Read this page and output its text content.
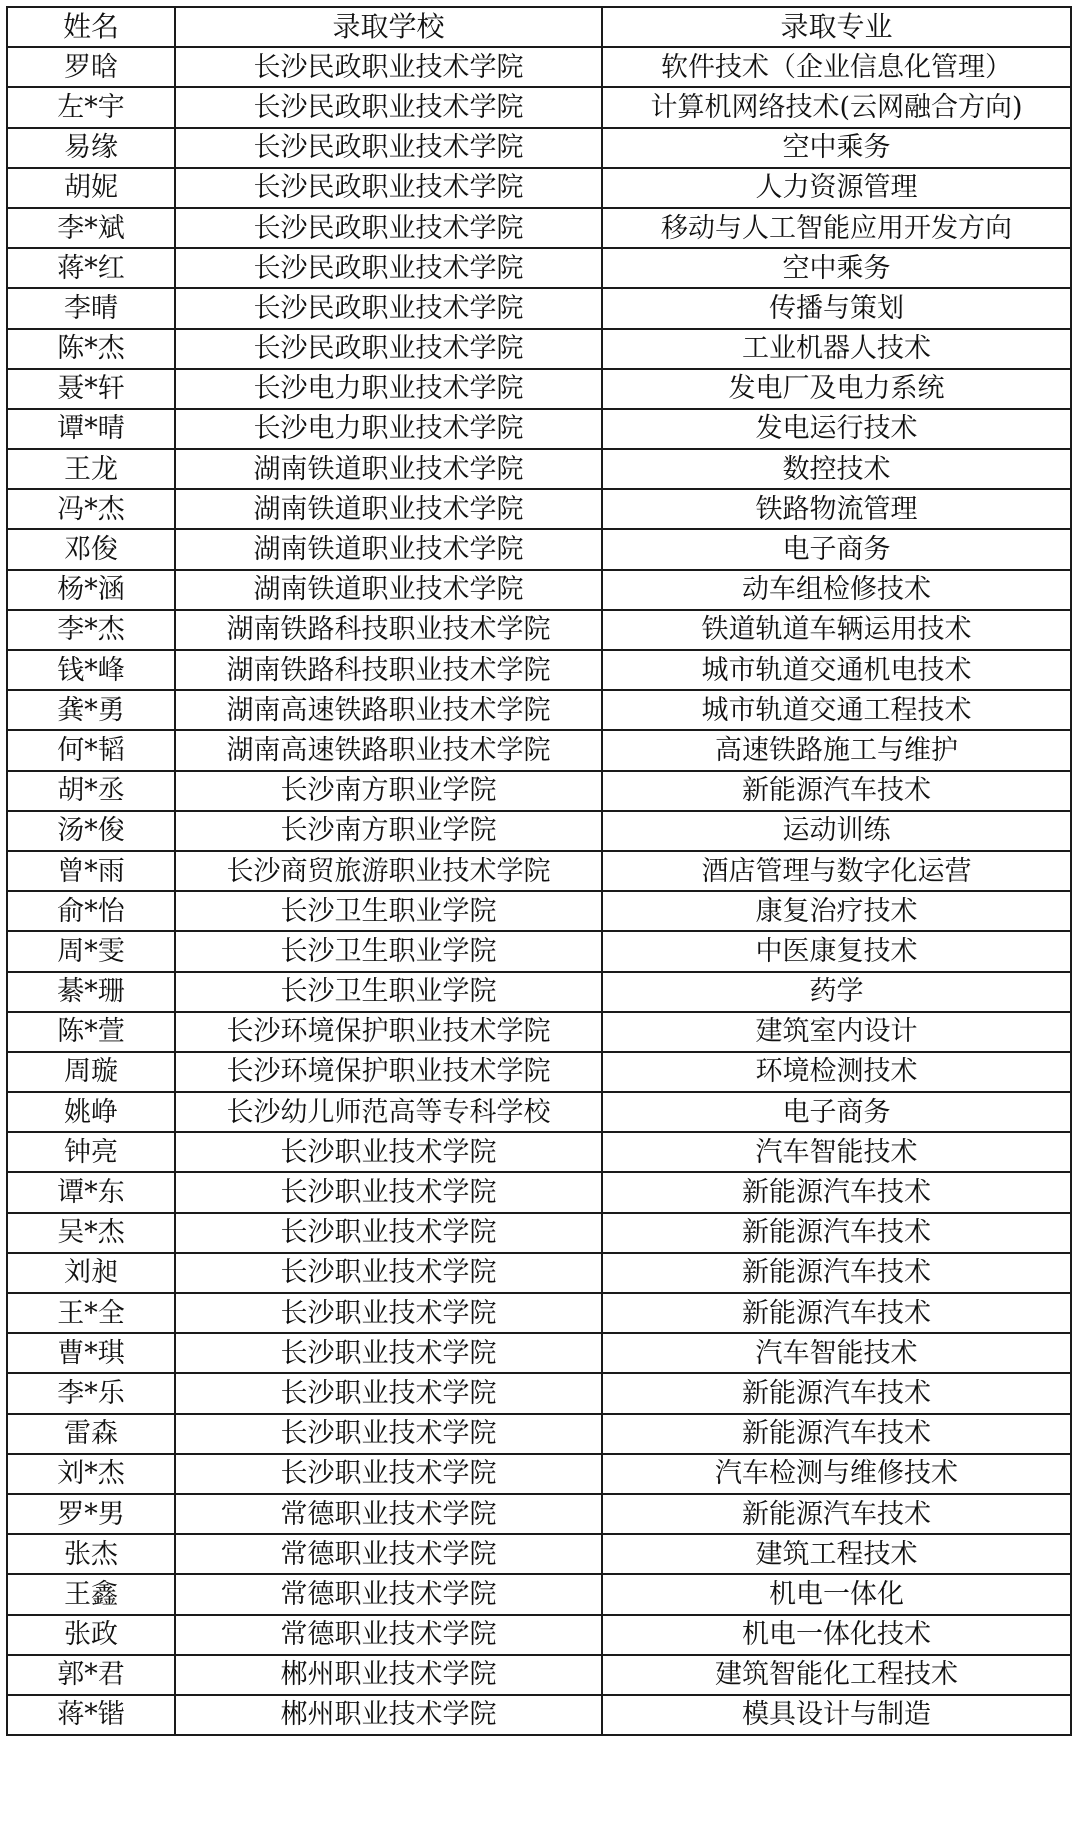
姓名	录取学校	录取专业
罗晗	长沙民政职业技术学院	软件技术（企业信息化管理）
左*宇	长沙民政职业技术学院	计算机网络技术(云网融合方向)
易缘	长沙民政职业技术学院	空中乘务
胡妮	长沙民政职业技术学院	人力资源管理
李*斌	长沙民政职业技术学院	移动与人工智能应用开发方向
蒋*红	长沙民政职业技术学院	空中乘务
李晴	长沙民政职业技术学院	传播与策划
陈*杰	长沙民政职业技术学院	工业机器人技术
聂*轩	长沙电力职业技术学院	发电厂及电力系统
谭*晴	长沙电力职业技术学院	发电运行技术
王龙	湖南铁道职业技术学院	数控技术
冯*杰	湖南铁道职业技术学院	铁路物流管理
邓俊	湖南铁道职业技术学院	电子商务
杨*涵	湖南铁道职业技术学院	动车组检修技术
李*杰	湖南铁路科技职业技术学院	铁道轨道车辆运用技术
钱*峰	湖南铁路科技职业技术学院	城市轨道交通机电技术
龚*勇	湖南高速铁路职业技术学院	城市轨道交通工程技术
何*韬	湖南高速铁路职业技术学院	高速铁路施工与维护
胡*丞	长沙南方职业学院	新能源汽车技术
汤*俊	长沙南方职业学院	运动训练
曾*雨	长沙商贸旅游职业技术学院	酒店管理与数字化运营
俞*怡	长沙卫生职业学院	康复治疗技术
周*雯	长沙卫生职业学院	中医康复技术
綦*珊	长沙卫生职业学院	药学
陈*萱	长沙环境保护职业技术学院	建筑室内设计
周璇	长沙环境保护职业技术学院	环境检测技术
姚峥	长沙幼儿师范高等专科学校	电子商务
钟亮	长沙职业技术学院	汽车智能技术
谭*东	长沙职业技术学院	新能源汽车技术
吴*杰	长沙职业技术学院	新能源汽车技术
刘昶	长沙职业技术学院	新能源汽车技术
王*全	长沙职业技术学院	新能源汽车技术
曹*琪	长沙职业技术学院	汽车智能技术
李*乐	长沙职业技术学院	新能源汽车技术
雷森	长沙职业技术学院	新能源汽车技术
刘*杰	长沙职业技术学院	汽车检测与维修技术
罗*男	常德职业技术学院	新能源汽车技术
张杰	常德职业技术学院	建筑工程技术
王鑫	常德职业技术学院	机电一体化
张政	常德职业技术学院	机电一体化技术
郭*君	郴州职业技术学院	建筑智能化工程技术
蒋*锴	郴州职业技术学院	模具设计与制造
